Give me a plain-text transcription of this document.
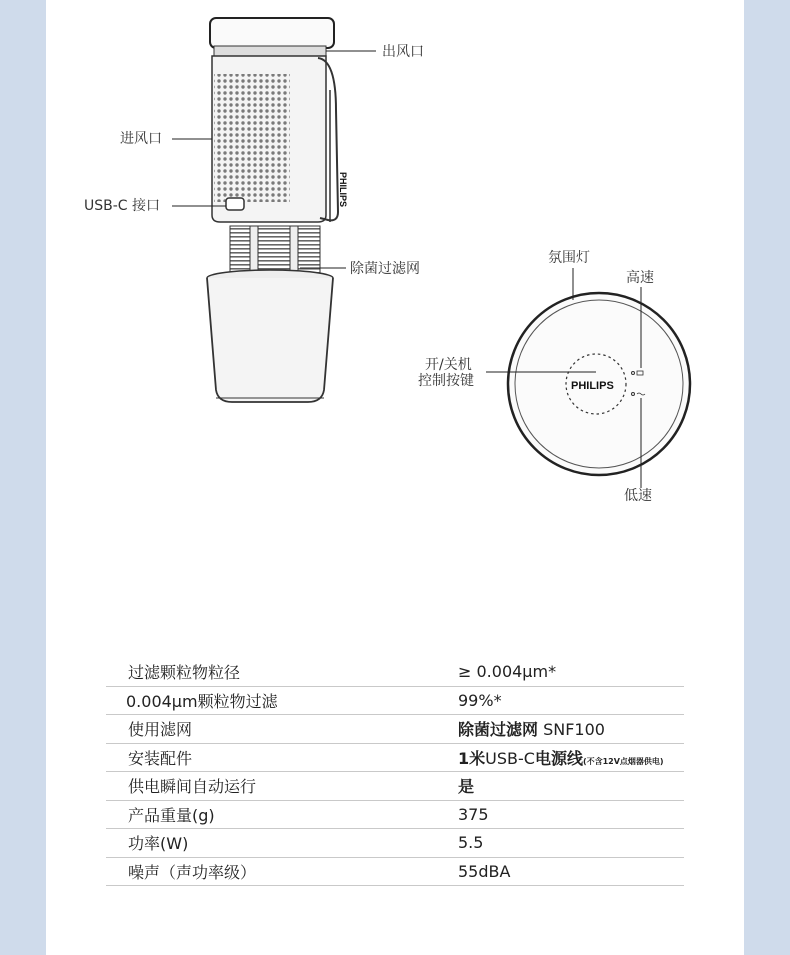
PHILIPS
PHILIPS
出风口
进风口
USB-C 接口
除菌过滤网
氛围灯
高速
开/关机
控制按键
低速
过滤颗粒物粒径	≥ 0.004μm*
0.004μm颗粒物过滤	99%*
使用滤网	除菌过滤网 SNF100
安装配件	1米USB-C电源线(不含12V点烟器供电)
供电瞬间自动运行	是
产品重量(g)	375
功率(W)	5.5
噪声（声功率级）	55dBA
